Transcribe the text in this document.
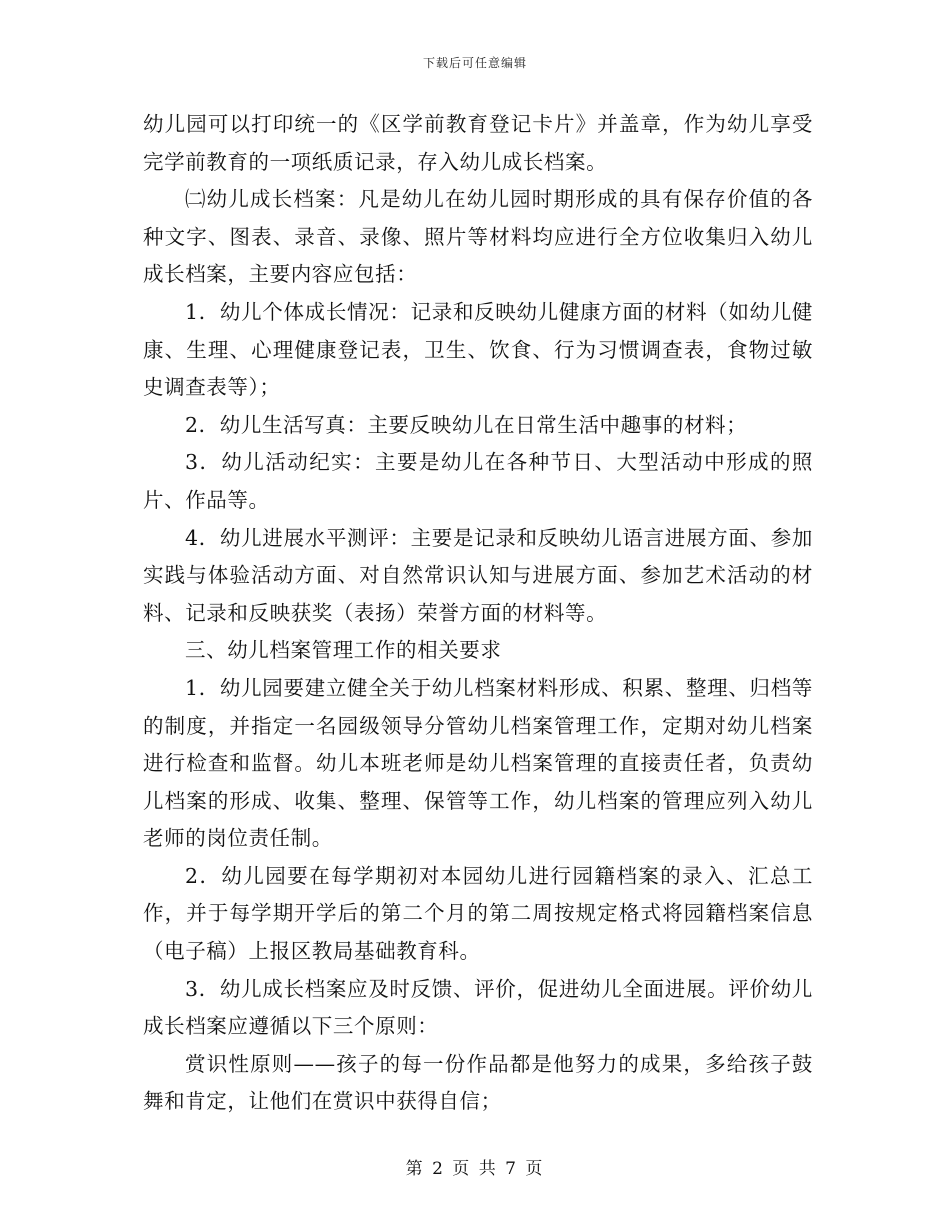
下载后可任意编辑

幼儿园可以打印统一的《区学前教育登记卡片》并盖章，作为幼儿享受完学前教育的一项纸质记录，存入幼儿成长档案。

㈡幼儿成长档案：凡是幼儿在幼儿园时期形成的具有保存价值的各种文字、图表、录音、录像、照片等材料均应进行全方位收集归入幼儿成长档案，主要内容应包括：

1．幼儿个体成长情况：记录和反映幼儿健康方面的材料（如幼儿健康、生理、心理健康登记表，卫生、饮食、行为习惯调查表，食物过敏史调查表等）；

2．幼儿生活写真：主要反映幼儿在日常生活中趣事的材料；

3．幼儿活动纪实：主要是幼儿在各种节日、大型活动中形成的照片、作品等。

4．幼儿进展水平测评：主要是记录和反映幼儿语言进展方面、参加实践与体验活动方面、对自然常识认知与进展方面、参加艺术活动的材料、记录和反映获奖（表扬）荣誉方面的材料等。

三、幼儿档案管理工作的相关要求

1．幼儿园要建立健全关于幼儿档案材料形成、积累、整理、归档等的制度，并指定一名园级领导分管幼儿档案管理工作，定期对幼儿档案进行检查和监督。幼儿本班老师是幼儿档案管理的直接责任者，负责幼儿档案的形成、收集、整理、保管等工作，幼儿档案的管理应列入幼儿老师的岗位责任制。

2．幼儿园要在每学期初对本园幼儿进行园籍档案的录入、汇总工作，并于每学期开学后的第二个月的第二周按规定格式将园籍档案信息（电子稿）上报区教局基础教育科。

3．幼儿成长档案应及时反馈、评价，促进幼儿全面进展。评价幼儿成长档案应遵循以下三个原则：

赏识性原则——孩子的每一份作品都是他努力的成果，多给孩子鼓舞和肯定，让他们在赏识中获得自信；

第 2 页 共 7 页
